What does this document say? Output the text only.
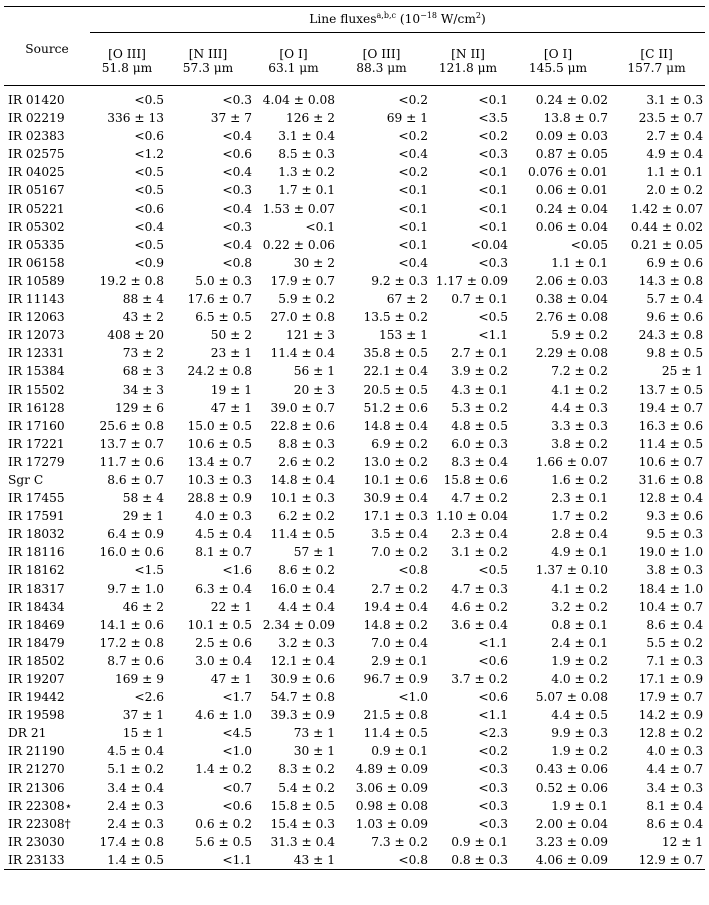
	Line fluxes$^{a,b,c}$ ($10^{-18}$ $W/cm^2$)						

Source	[O III]	[N III]	[O I]	[O III]	[N II]	[O I]	[C II]
	51.8 μm	57.3 μm	63.1 μm	88.3 μm	121.8 μm	145.5 μm	157.7 μm

IR 01420	<0.5	<0.3	4.04 ± 0.08	<0.2	<0.1	0.24 ± 0.02	3.1 ± 0.3
IR 02219	336 ± 13	37 ± 7	126 ± 2	69 ± 1	<3.5	13.8 ± 0.7	23.5 ± 0.7
IR 02383	<0.6	<0.4	3.1 ± 0.4	<0.2	<0.2	0.09 ± 0.03	2.7 ± 0.4
IR 02575	<1.2	<0.6	8.5 ± 0.3	<0.4	<0.3	0.87 ± 0.05	4.9 ± 0.4
IR 04025	<0.5	<0.4	1.3 ± 0.2	<0.2	<0.1	0.076 ± 0.01	1.1 ± 0.1
IR 05167	<0.5	<0.3	1.7 ± 0.1	<0.1	<0.1	0.06 ± 0.01	2.0 ± 0.2
IR 05221	<0.6	<0.4	1.53 ± 0.07	<0.1	<0.1	0.24 ± 0.04	1.42 ± 0.07
IR 05302	<0.4	<0.3	<0.1	<0.1	<0.1	0.06 ± 0.04	0.44 ± 0.02
IR 05335	<0.5	<0.4	0.22 ± 0.06	<0.1	<0.04	<0.05	0.21 ± 0.05
IR 06158	<0.9	<0.8	30 ± 2	<0.4	<0.3	1.1 ± 0.1	6.9 ± 0.6
IR 10589	19.2 ± 0.8	5.0 ± 0.3	17.9 ± 0.7	9.2 ± 0.3	1.17 ± 0.09	2.06 ± 0.03	14.3 ± 0.8
IR 11143	88 ± 4	17.6 ± 0.7	5.9 ± 0.2	67 ± 2	0.7 ± 0.1	0.38 ± 0.04	5.7 ± 0.4
IR 12063	43 ± 2	6.5 ± 0.5	27.0 ± 0.8	13.5 ± 0.2	<0.5	2.76 ± 0.08	9.6 ± 0.6
IR 12073	408 ± 20	50 ± 2	121 ± 3	153 ± 1	<1.1	5.9 ± 0.2	24.3 ± 0.8
IR 12331	73 ± 2	23 ± 1	11.4 ± 0.4	35.8 ± 0.5	2.7 ± 0.1	2.29 ± 0.08	9.8 ± 0.5
IR 15384	68 ± 3	24.2 ± 0.8	56 ± 1	22.1 ± 0.4	3.9 ± 0.2	7.2 ± 0.2	25 ± 1
IR 15502	34 ± 3	19 ± 1	20 ± 3	20.5 ± 0.5	4.3 ± 0.1	4.1 ± 0.2	13.7 ± 0.5
IR 16128	129 ± 6	47 ± 1	39.0 ± 0.7	51.2 ± 0.6	5.3 ± 0.2	4.4 ± 0.3	19.4 ± 0.7
IR 17160	25.6 ± 0.8	15.0 ± 0.5	22.8 ± 0.6	14.8 ± 0.4	4.8 ± 0.5	3.3 ± 0.3	16.3 ± 0.6
IR 17221	13.7 ± 0.7	10.6 ± 0.5	8.8 ± 0.3	6.9 ± 0.2	6.0 ± 0.3	3.8 ± 0.2	11.4 ± 0.5
IR 17279	11.7 ± 0.6	13.4 ± 0.7	2.6 ± 0.2	13.0 ± 0.2	8.3 ± 0.4	1.66 ± 0.07	10.6 ± 0.7
Sgr C	8.6 ± 0.7	10.3 ± 0.3	14.8 ± 0.4	10.1 ± 0.6	15.8 ± 0.6	1.6 ± 0.2	31.6 ± 0.8
IR 17455	58 ± 4	28.8 ± 0.9	10.1 ± 0.3	30.9 ± 0.4	4.7 ± 0.2	2.3 ± 0.1	12.8 ± 0.4
IR 17591	29 ± 1	4.0 ± 0.3	6.2 ± 0.2	17.1 ± 0.3	1.10 ± 0.04	1.7 ± 0.2	9.3 ± 0.6
IR 18032	6.4 ± 0.9	4.5 ± 0.4	11.4 ± 0.5	3.5 ± 0.4	2.3 ± 0.4	2.8 ± 0.4	9.5 ± 0.3
IR 18116	16.0 ± 0.6	8.1 ± 0.7	57 ± 1	7.0 ± 0.2	3.1 ± 0.2	4.9 ± 0.1	19.0 ± 1.0
IR 18162	<1.5	<1.6	8.6 ± 0.2	<0.8	<0.5	1.37 ± 0.10	3.8 ± 0.3
IR 18317	9.7 ± 1.0	6.3 ± 0.4	16.0 ± 0.4	2.7 ± 0.2	4.7 ± 0.3	4.1 ± 0.2	18.4 ± 1.0
IR 18434	46 ± 2	22 ± 1	4.4 ± 0.4	19.4 ± 0.4	4.6 ± 0.2	3.2 ± 0.2	10.4 ± 0.7
IR 18469	14.1 ± 0.6	10.1 ± 0.5	2.34 ± 0.09	14.8 ± 0.2	3.6 ± 0.4	0.8 ± 0.1	8.6 ± 0.4
IR 18479	17.2 ± 0.8	2.5 ± 0.6	3.2 ± 0.3	7.0 ± 0.4	<1.1	2.4 ± 0.1	5.5 ± 0.2
IR 18502	8.7 ± 0.6	3.0 ± 0.4	12.1 ± 0.4	2.9 ± 0.1	<0.6	1.9 ± 0.2	7.1 ± 0.3
IR 19207	169 ± 9	47 ± 1	30.9 ± 0.6	96.7 ± 0.9	3.7 ± 0.2	4.0 ± 0.2	17.1 ± 0.9
IR 19442	<2.6	<1.7	54.7 ± 0.8	<1.0	<0.6	5.07 ± 0.08	17.9 ± 0.7
IR 19598	37 ± 1	4.6 ± 1.0	39.3 ± 0.9	21.5 ± 0.8	<1.1	4.4 ± 0.5	14.2 ± 0.9
DR 21	15 ± 1	<4.5	73 ± 1	11.4 ± 0.5	<2.3	9.9 ± 0.3	12.8 ± 0.2
IR 21190	4.5 ± 0.4	<1.0	30 ± 1	0.9 ± 0.1	<0.2	1.9 ± 0.2	4.0 ± 0.3
IR 21270	5.1 ± 0.2	1.4 ± 0.2	8.3 ± 0.2	4.89 ± 0.09	<0.3	0.43 ± 0.06	4.4 ± 0.7
IR 21306	3.4 ± 0.4	<0.7	5.4 ± 0.2	3.06 ± 0.09	<0.3	0.52 ± 0.06	3.4 ± 0.3
IR 22308⋆	2.4 ± 0.3	<0.6	15.8 ± 0.5	0.98 ± 0.08	<0.3	1.9 ± 0.1	8.1 ± 0.4
IR 22308†	2.4 ± 0.3	0.6 ± 0.2	15.4 ± 0.3	1.03 ± 0.09	<0.3	2.00 ± 0.04	8.6 ± 0.4
IR 23030	17.4 ± 0.8	5.6 ± 0.5	31.3 ± 0.4	7.3 ± 0.2	0.9 ± 0.1	3.23 ± 0.09	12 ± 1
IR 23133	1.4 ± 0.5	<1.1	43 ± 1	<0.8	0.8 ± 0.3	4.06 ± 0.09	12.9 ± 0.7
